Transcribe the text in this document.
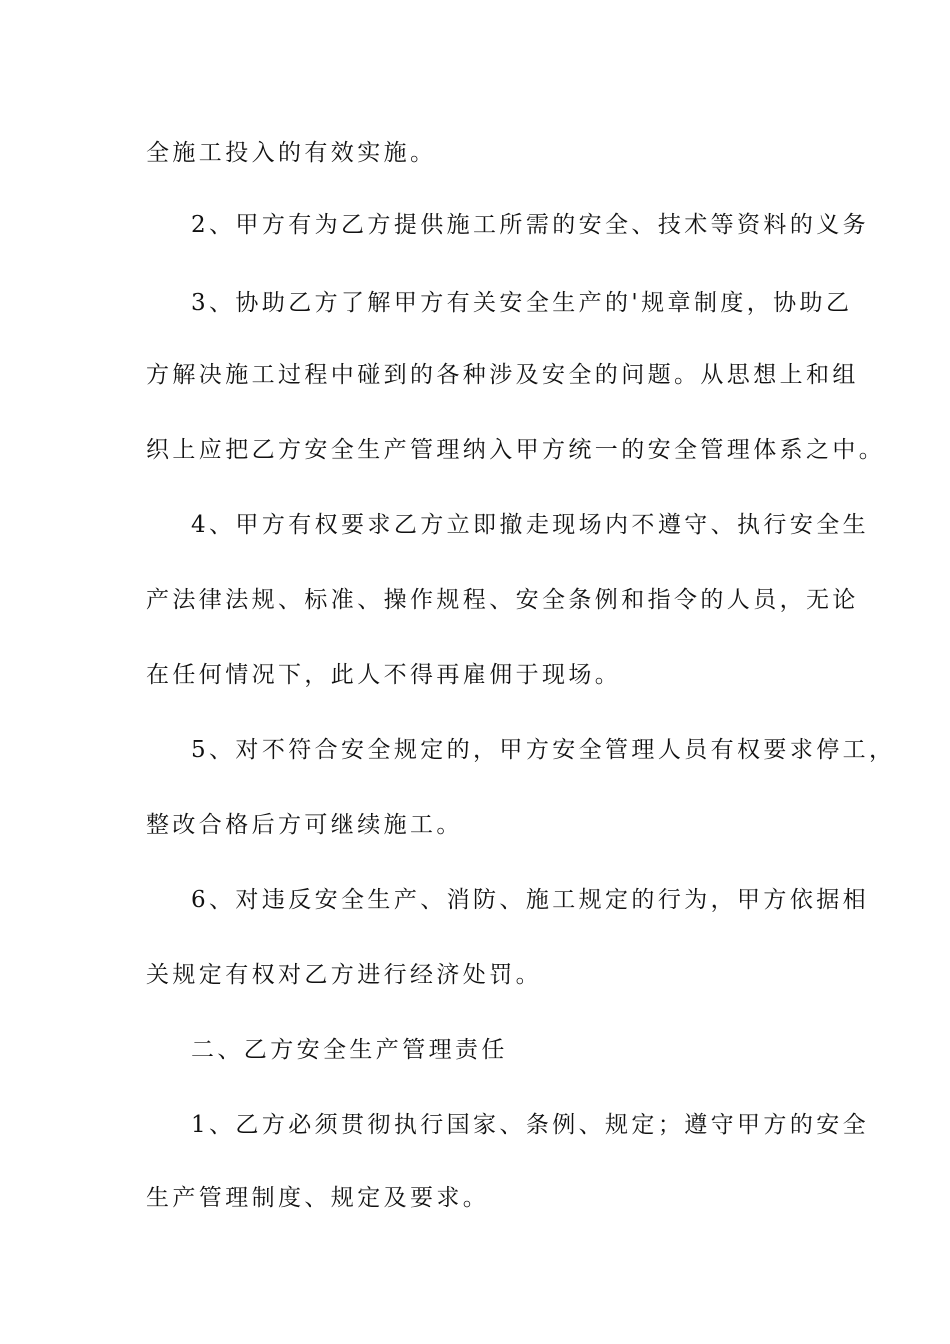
全施工投入的有效实施。
2、甲方有为乙方提供施工所需的安全、技术等资料的义务
3、协助乙方了解甲方有关安全生产的'规章制度，协助乙
方解决施工过程中碰到的各种涉及安全的问题。从思想上和组
织上应把乙方安全生产管理纳入甲方统一的安全管理体系之中。
4、甲方有权要求乙方立即撤走现场内不遵守、执行安全生
产法律法规、标准、操作规程、安全条例和指令的人员，无论
在任何情况下，此人不得再雇佣于现场。
5、对不符合安全规定的，甲方安全管理人员有权要求停工，
整改合格后方可继续施工。
6、对违反安全生产、消防、施工规定的行为，甲方依据相
关规定有权对乙方进行经济处罚。
二、乙方安全生产管理责任
1、乙方必须贯彻执行国家、条例、规定；遵守甲方的安全
生产管理制度、规定及要求。
